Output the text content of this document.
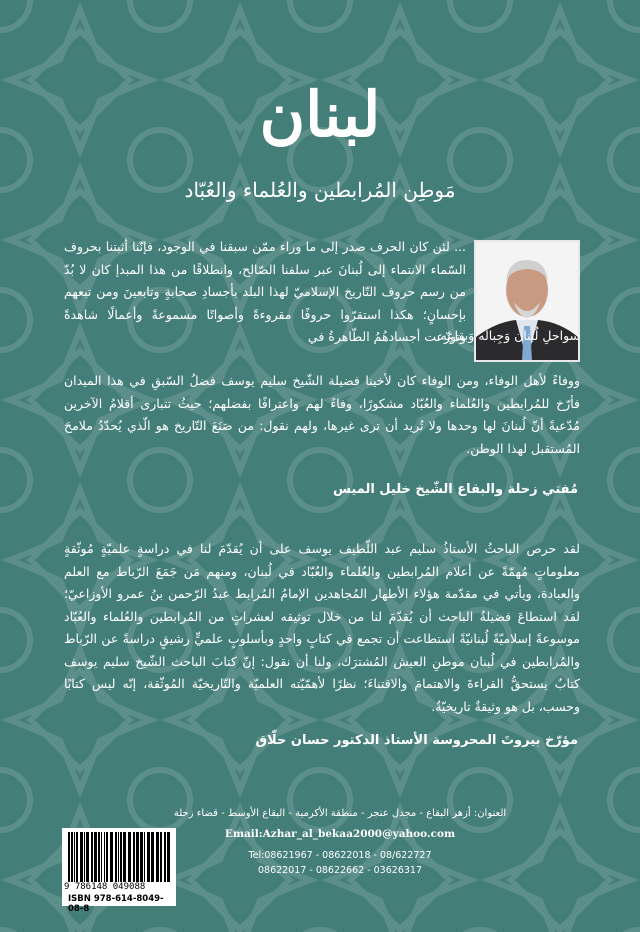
لبنان
مَوطِن المُرابطين والعُلماء والعُبّاد
... لئن كان الحرف صدر إلى ما وراء ممّن سبقنا في الوجود، فإنّنا أثبتنا بحروف السّماء الانتماء إلى لُبنانَ عبر سلفنا الصّالح، وانطلاقًا من هذا المبدإ كان لا بُدّ من رسم حروف التّاريخ الإسلاميّ لهذا البلد بأجسادِ صحابةٍ وتابعينَ ومن تبعهم بإحسانٍ؛ هكذا استقرّوا حروفًا مقروءةً وأصواتًا مسموعةً وأعمالًا شاهدةً وتوزّعت أجسادهُمُ الطّاهرةُ في
سواحلِ لُبنان وَجِباله وَبقاعِه..
ووفاءً لأهل الوفاء، ومن الوفاء كان لأخينا فضيلة الشّيخ سليم يوسف فضلُ السّبقِ في هذا الميدان فأرّخ للمُرابطين والعُلماء والعُبّاد مشكورًا، وفاءً لهم واعترافًا بفضلهم؛ حيثُ تتبارى أقلامُ الآخرين مُدّعيةً أنّ لُبنانَ لها وحدها ولا تُريد أن ترى غيرها، ولهم نقول: من صَنَعَ التّاريخ هو الّذي يُحدّدُ ملامحَ المُستقبل لهذا الوطن.
مُفتي زحلة والبقاع الشّيخ خليل الميس
لقد حرص الباحثُ الأستاذُ سليم عبد اللّطيف يوسف على أن يُقدّمَ لنا في دراسةٍ علميّةٍ مُوثّقةٍ معلوماتٍ مُهمّةً عن أعلام المُرابطين والعُلماء والعُبّاد في لُبنان، ومنهم مَن جَمَعَ الرّباط مع العلم والعبادة، ويأتي في مقدّمة هؤلاء الأطهار المُجاهدين الإمامُ المُرابط عبدُ الرّحمن بنُ عمرو الأوزاعيّ؛ لقد استطاعَ فضيلةُ الباحث أن يُقدّمَ لنا من خلال توثيقه لعشراتٍ من المُرابطين والعُلماء والعُبّاد موسوعةً إسلاميّةً لُبنانيّةً استطاعت أن تجمع في كتابٍ واحدٍ وبأسلوبٍ علميٍّ رشيقٍ دراسةً عن الرّباط والمُرابطين في لُبنان موطنِ العيش المُشترَك، ولنا أن نقول: إنّ كتابَ الباحث الشّيخ سليم يوسف كتابٌ يستحقُّ القراءةَ والاهتمامَ والاقتناءَ؛ نظرًا لأهمّيّته العلميّة والتّاريخيّة المُوثّقة، إنّه ليس كتابًا وحسب، بل هو وثيقةٌ تاريخيّةٌ.
مؤرّخ بيروتَ المحروسة الأستاذ الدكتور حسان حلّاق
العنوان: أزهر البقاع - مجدل عنجر - منطقة الأكرمية - البقاع الأوسط - قضاء زحلة
Email:Azhar_al_bekaa2000@yahoo.com
Tel:08621967 - 08622018 - 08/622727
08622017 - 08622662 - 03626317
9 786148 049088
ISBN 978-614-8049-08-8
